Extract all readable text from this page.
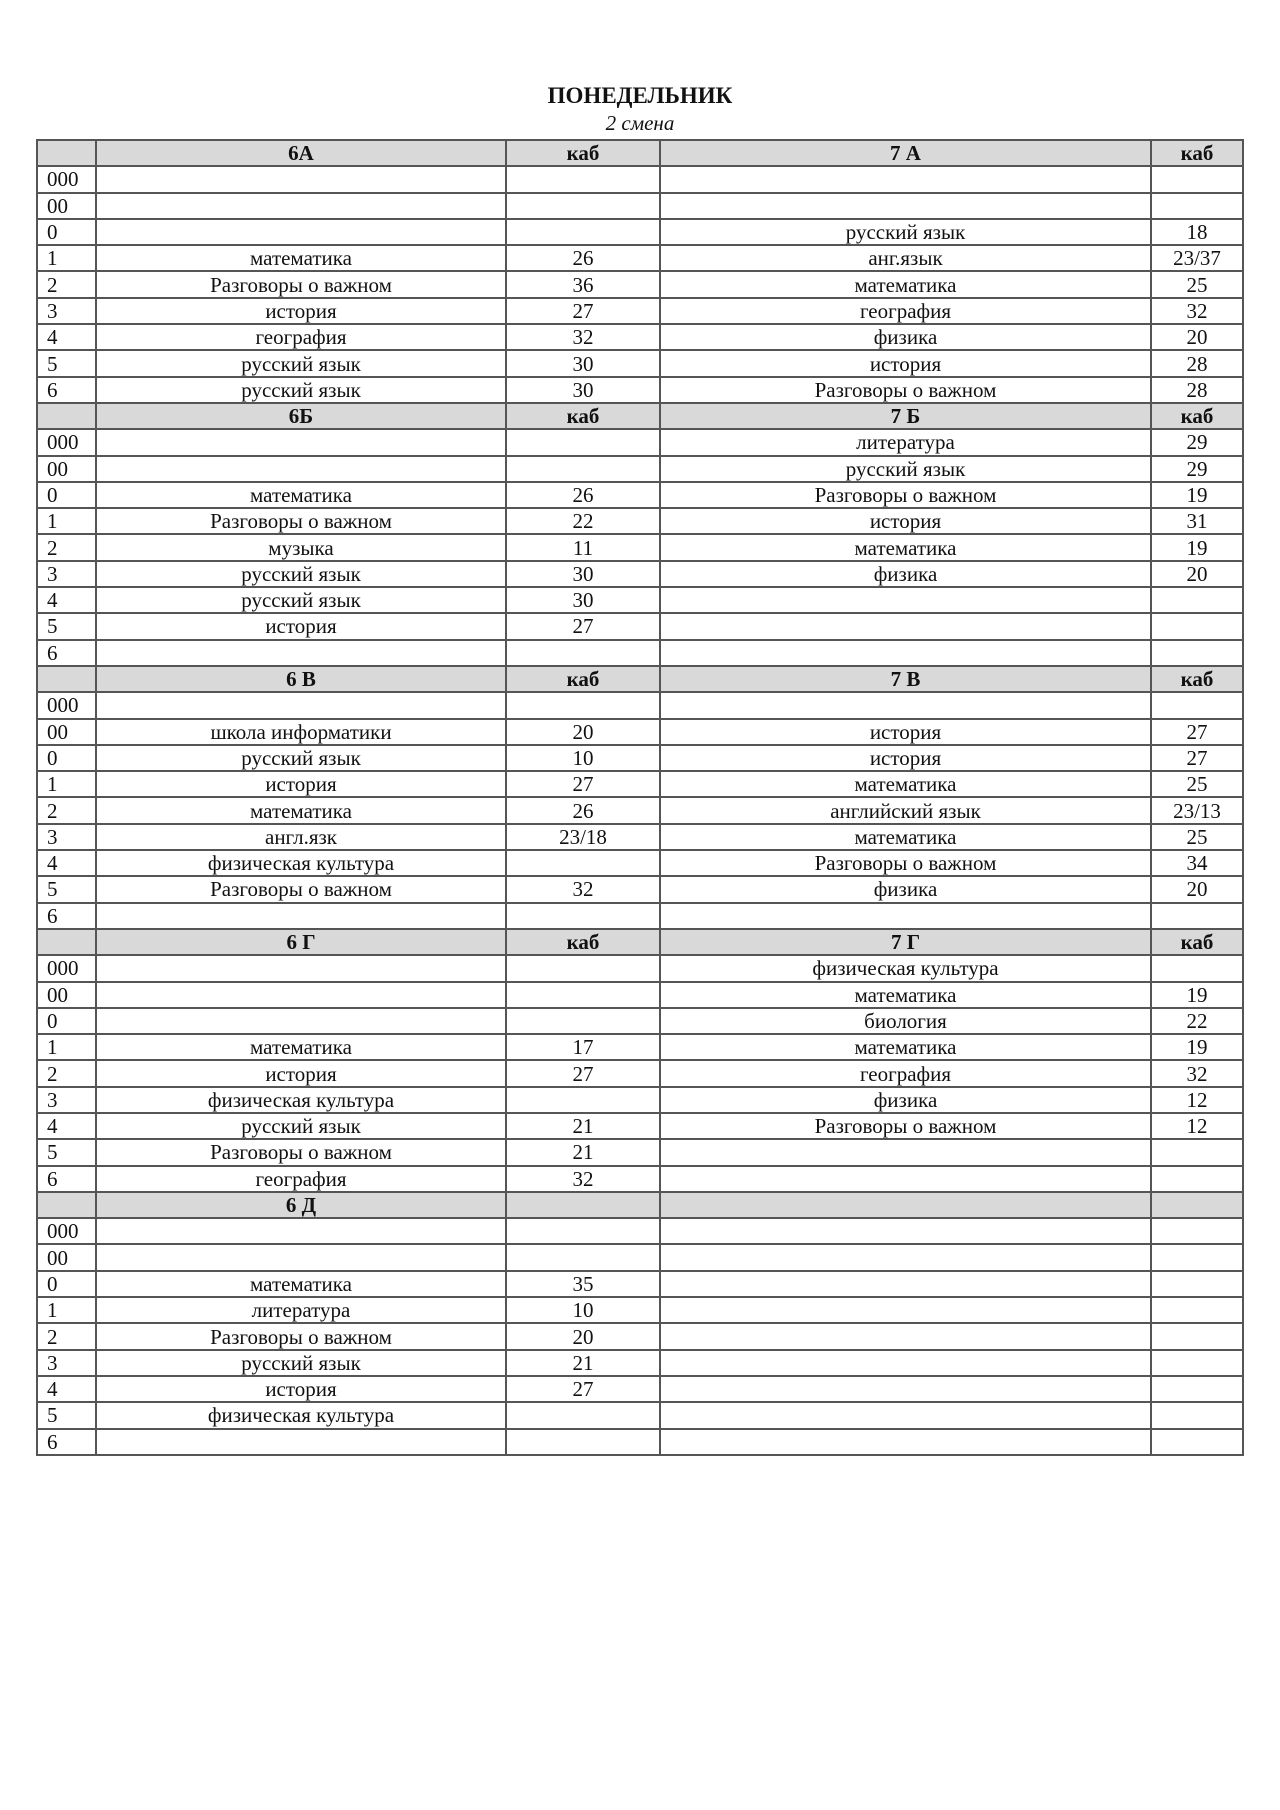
ПОНЕДЕЛЬНИК
2 смена
	6А	каб	7 А	каб
000				
00				
0			русский язык	18
1	математика	26	анг.язык	23/37
2	Разговоры о важном	36	математика	25
3	история	27	география	32
4	география	32	физика	20
5	русский язык	30	история	28
6	русский язык	30	Разговоры о важном	28
	6Б	каб	7 Б	каб
000			литература	29
00			русский язык	29
0	математика	26	Разговоры о важном	19
1	Разговоры о важном	22	история	31
2	музыка	11	математика	19
3	русский язык	30	физика	20
4	русский язык	30		
5	история	27		
6				
	6 В	каб	7 В	каб
000				
00	школа информатики	20	история	27
0	русский язык	10	история	27
1	история	27	математика	25
2	математика	26	английский язык	23/13
3	англ.язк	23/18	математика	25
4	физическая культура		Разговоры о важном	34
5	Разговоры о важном	32	физика	20
6				
	6 Г	каб	7 Г	каб
000			физическая культура	
00			математика	19
0			биология	22
1	математика	17	математика	19
2	история	27	география	32
3	физическая культура		физика	12
4	русский язык	21	Разговоры о важном	12
5	Разговоры о важном	21		
6	география	32		
	6 Д			
000				
00				
0	математика	35		
1	литература	10		
2	Разговоры о важном	20		
3	русский язык	21		
4	история	27		
5	физическая культура			
6				
